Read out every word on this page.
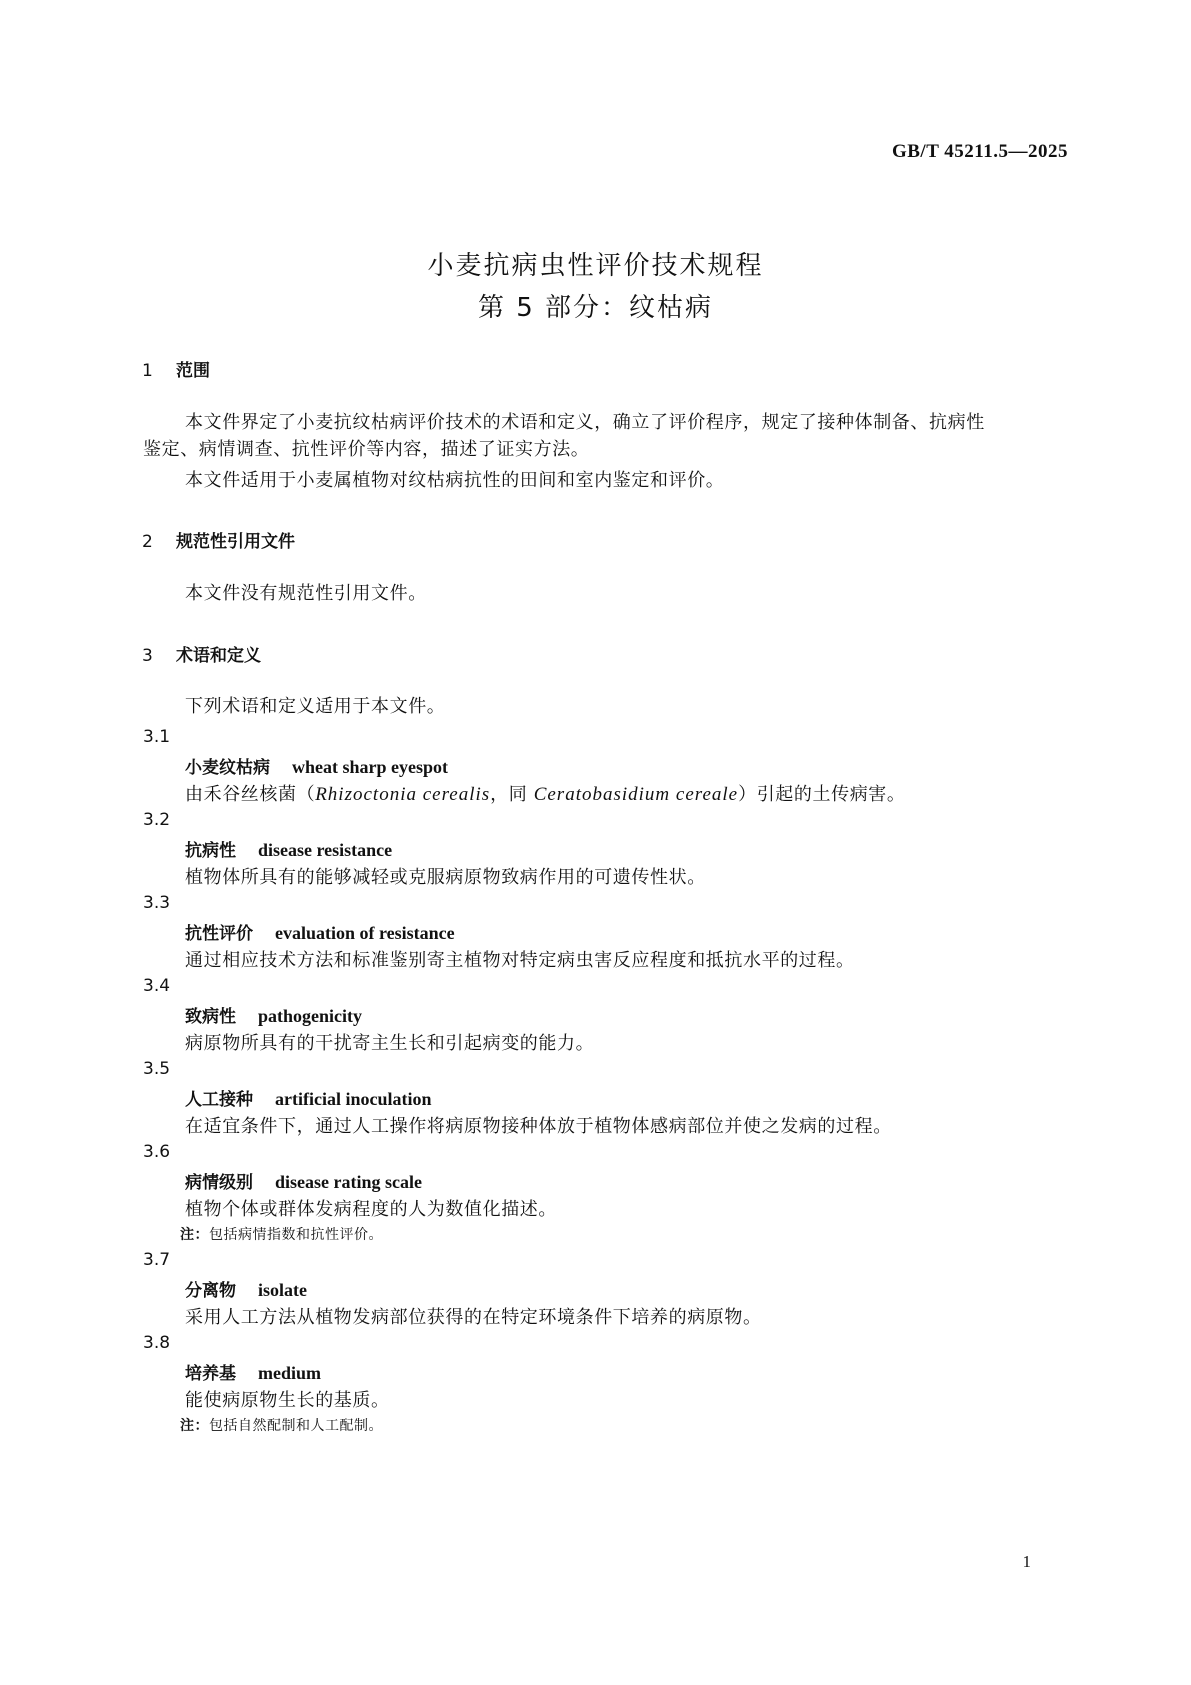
GB/T 45211.5—2025
小麦抗病虫性评价技术规程
第 5 部分：纹枯病
1 范围
本文件界定了小麦抗纹枯病评价技术的术语和定义，确立了评价程序，规定了接种体制备、抗病性
鉴定、病情调查、抗性评价等内容，描述了证实方法。
本文件适用于小麦属植物对纹枯病抗性的田间和室内鉴定和评价。
2 规范性引用文件
本文件没有规范性引用文件。
3 术语和定义
下列术语和定义适用于本文件。
3.1
小麦纹枯病 wheat sharp eyespot
由禾谷丝核菌（Rhizoctonia cerealis，同 Ceratobasidium cereale）引起的土传病害。
3.2
抗病性 disease resistance
植物体所具有的能够减轻或克服病原物致病作用的可遗传性状。
3.3
抗性评价 evaluation of resistance
通过相应技术方法和标准鉴别寄主植物对特定病虫害反应程度和抵抗水平的过程。
3.4
致病性 pathogenicity
病原物所具有的干扰寄主生长和引起病变的能力。
3.5
人工接种 artificial inoculation
在适宜条件下，通过人工操作将病原物接种体放于植物体感病部位并使之发病的过程。
3.6
病情级别 disease rating scale
植物个体或群体发病程度的人为数值化描述。
注：包括病情指数和抗性评价。
3.7
分离物 isolate
采用人工方法从植物发病部位获得的在特定环境条件下培养的病原物。
3.8
培养基 medium
能使病原物生长的基质。
注：包括自然配制和人工配制。
1
